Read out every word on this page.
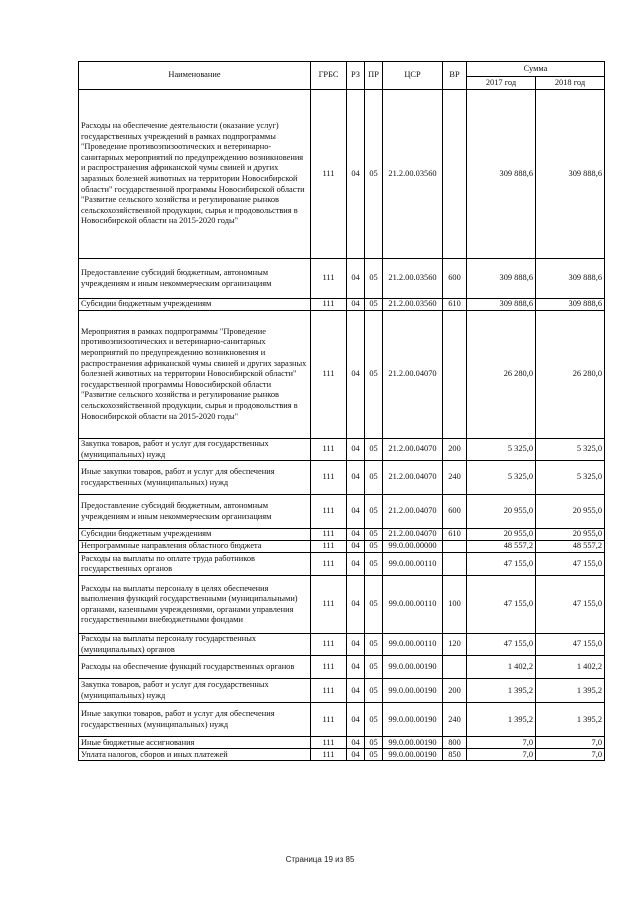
Наименование	ГРБС	РЗ	ПР	ЦСР	ВР	Сумма	
						2017 год	2018 год
Расходы на обеспечение деятельности (оказание услуг) государственных учреждений в рамках подпрограммы "Проведение противоэпизоотических и ветеринарно-санитарных мероприятий по предупреждению возникновения и распространения африканской чумы свиней и других заразных болезней животных на территории Новосибирской области" государственной программы Новосибирской области "Развитие сельского хозяйства и регулирование рынков сельскохозяйственной продукции, сырья и продовольствия в Новосибирской области на 2015-2020 годы"	111	04	05	21.2.00.03560		309 888,6	309 888,6
Предоставление субсидий бюджетным, автономным учреждениям и иным некоммерческим организациям	111	04	05	21.2.00.03560	600	309 888,6	309 888,6
Субсидии бюджетным учреждениям	111	04	05	21.2.00.03560	610	309 888,6	309 888,6
Мероприятия в рамках подпрограммы "Проведение противоэпизоотических и ветеринарно-санитарных мероприятий по предупреждению возникновения и распространения африканской чумы свиней и других заразных болезней животных на территории Новосибирской области" государственной программы Новосибирской области "Развитие сельского хозяйства и регулирование рынков сельскохозяйственной продукции, сырья и продовольствия в Новосибирской области на 2015-2020 годы"	111	04	05	21.2.00.04070		26 280,0	26 280,0
Закупка товаров, работ и услуг для государственных (муниципальных) нужд	111	04	05	21.2.00.04070	200	5 325,0	5 325,0
Иные закупки товаров, работ и услуг для обеспечения государственных (муниципальных) нужд	111	04	05	21.2.00.04070	240	5 325,0	5 325,0
Предоставление субсидий бюджетным, автономным учреждениям и иным некоммерческим организациям	111	04	05	21.2.00.04070	600	20 955,0	20 955,0
Субсидии бюджетным учреждениям	111	04	05	21.2.00.04070	610	20 955,0	20 955,0
Непрограммные направления областного бюджета	111	04	05	99.0.00.00000		48 557,2	48 557,2
Расходы на выплаты по оплате труда работников государственных органов	111	04	05	99.0.00.00110		47 155,0	47 155,0
Расходы на выплаты персоналу в целях обеспечения выполнения функций государственными (муниципальными) органами, казенными учреждениями, органами управления государственными внебюджетными фондами	111	04	05	99.0.00.00110	100	47 155,0	47 155,0
Расходы на выплаты персоналу государственных (муниципальных) органов	111	04	05	99.0.00.00110	120	47 155,0	47 155,0
Расходы на обеспечение функций государственных органов	111	04	05	99.0.00.00190		1 402,2	1 402,2
Закупка товаров, работ и услуг для государственных (муниципальных) нужд	111	04	05	99.0.00.00190	200	1 395,2	1 395,2
Иные закупки товаров, работ и услуг для обеспечения государственных (муниципальных) нужд	111	04	05	99.0.00.00190	240	1 395,2	1 395,2
Иные бюджетные ассигнования	111	04	05	99.0.00.00190	800	7,0	7,0
Уплата налогов, сборов и иных платежей	111	04	05	99.0.00.00190	850	7,0	7,0
Страница 19 из 85
